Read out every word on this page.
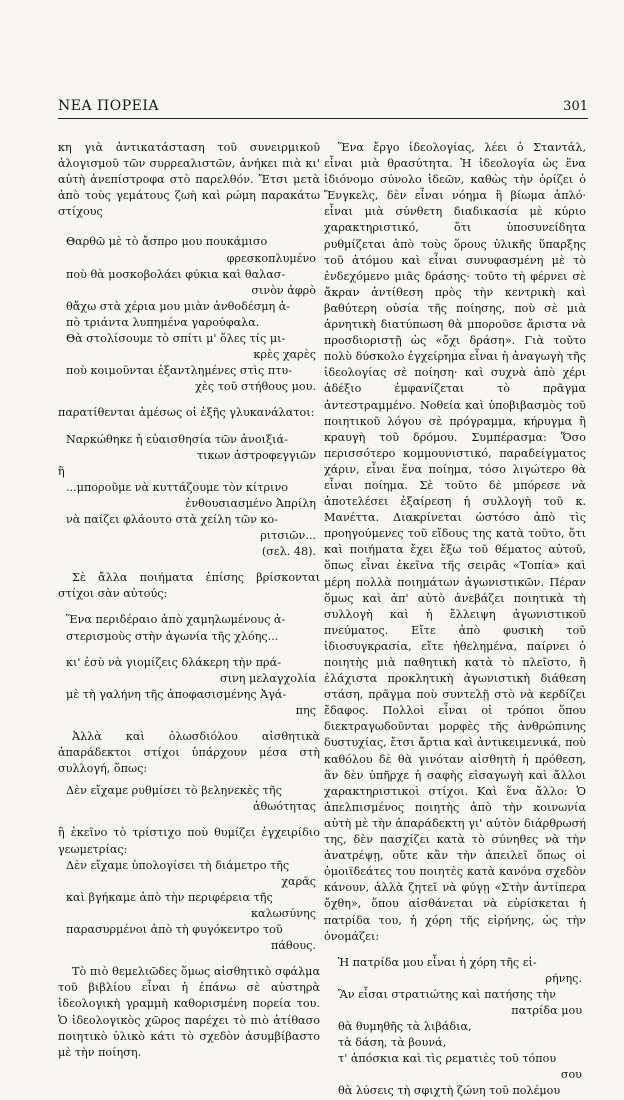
ΝΕΑ ΠΟΡΕΙΑ	301

κη γιὰ ἀντικατάσταση τοῦ συνειρμικοῦ ἀλογισμοῦ τῶν συρρεαλιστῶν, ἀνήκει πιὰ κι' αὐτὴ ἀνεπίστροφα στὸ παρελθόν. Ἔτσι μετὰ ἀπὸ τοὺς γεμάτους ζωὴ καὶ ρώμη παρακάτω στίχους

Θαρθῶ μὲ τὸ ἄσπρο μου πουκάμισο
φρεσκοπλυμένο
ποὺ θὰ μοσκοβολάει φύκια καὶ θαλασ-
σινὸν ἀφρὸ
θἄχω στὰ χέρια μου μιὰν ἀνθοδέσμη ἀ-
πὸ τριάντα λυπημένα γαρούφαλα.
Θὰ στολίσουμε τὸ σπίτι μ' ὅλες τίς μι-
κρὲς χαρὲς
ποὺ κοιμοῦνται ἐξαντλημένες στὶς πτυ-
χὲς τοῦ στήθους μου.

παρατίθενται ἀμέσως οἱ ἑξῆς γλυκανάλατοι:

Ναρκώθηκε ἡ εὐαισθησία τῶν ἀνοιξιά-
τικων ἀστροφεγγιῶν
ἢ
...μποροῦμε νὰ κυττάζουμε τὸν κίτρινο
ἐνθουσιασμένο Ἀπρίλη
νὰ παίζει φλάουτο στὰ χείλη τῶν κο-
ριτσιῶν...
(σελ. 48).

Σὲ ἄλλα ποιήματα ἐπίσης βρίσκονται στίχοι σὰν αὐτούς:

Ἕνα περιδέραιο ἀπὸ χαμηλωμένους ἀ-
στερισμοὺς στὴν ἀγωνία τῆς χλόης...
κι' ἐσὺ νὰ γιομίζεις δλάκερη τὴν πρά-
σινη μελαγχολία
μὲ τὴ γαλήνη τῆς ἀποφασισμένης Ἀγά-
πης

Ἀλλὰ καὶ ὁλωσδιόλου αἰσθητικὰ ἀπαράδεκτοι στίχοι ὑπάρχουν μέσα στὴ συλλογή, ὅπως:

Δὲν εἴχαμε ρυθμίσει τὸ βεληνεκὲς τῆς
ἀθωότητας

ἢ ἐκεῖνο τὸ τρίστιχο ποὺ θυμίζει ἐγχειρίδιο γεωμετρίας:

Δὲν εἴχαμε ὑπολογίσει τὴ διάμετρο τῆς
χαρᾶς
καὶ βγήκαμε ἀπὸ τὴν περιφέρεια τῆς
καλωσύνης
παρασυρμένοι ἀπὸ τὴ φυγόκεντρο τοῦ
πάθους.

Τὸ πιὸ θεμελιῶδες ὅμως αἰσθητικὸ σφάλμα τοῦ βιβλίου εἶναι ἡ ἐπάνω σὲ αὐστηρὰ ἰδεολογικὴ γραμμὴ καθορισμένη πορεία του. Ὁ ἰδεολογικὸς χῶρος παρέχει τὸ πιὸ ἀτίθασο ποιητικὸ ὑλικὸ κάτι τὸ σχεδὸν ἀσυμβίβαστο μὲ τὴν ποίηση.

Ἕνα ἔργο ἰδεολογίας, λέει ὁ Σταντάλ, εἶναι μιὰ θρασύτητα. Ἡ ἰδεολογία ὡς ἕνα ἰδιόνομο σύνολο ἰδεῶν, καθὼς τὴν ὁρίζει ὁ Ἔνγκελς, δὲν εἶναι νόημα ἢ βίωμα ἁπλό· εἶναι μιὰ σύνθετη διαδικασία μὲ κύριο χαρακτηριστικό, ὅτι ὑποσυνείδητα ρυθμίζεται ἀπὸ τοὺς ὅρους ὑλικῆς ὕπαρξης τοῦ ἀτόμου καὶ εἶναι συνυφασμένη μὲ τὸ ἐνδεχόμενο μιᾶς δράσης· τοῦτο τὴ φέρνει σὲ ἄκραν ἀντίθεση πρὸς τὴν κεντρικὴ καὶ βαθύτερη οὐσία τῆς ποίησης, ποὺ σὲ μιὰ ἀρνητικὴ διατύπωση θὰ μποροῦσε ἄριστα νὰ προσδιοριστῇ ὡς «ὄχι δράση». Γιὰ τοῦτο πολὺ δύσκολο ἐγχείρημα εἶναι ἡ ἀναγωγὴ τῆς ἰδεολογίας σὲ ποίηση· καὶ συχνὰ ἀπὸ χέρι ἀδέξιο ἐμφανίζεται τὸ πρᾶγμα ἀντεστραμμένο. Νοθεία καὶ ὑποβιβασμὸς τοῦ ποιητικοῦ λόγου σὲ πρόγραμμα, κήρυγμα ἢ κραυγὴ τοῦ δρόμου. Συμπέρασμα: Ὅσο περισσότερο κομμουνιστικό, παραδείγματος χάριν, εἶναι ἕνα ποίημα, τόσο λιγώτερο θὰ εἶναι ποίημα. Σὲ τοῦτο δὲ μπόρεσε νὰ ἀποτελέσει ἐξαίρεση ἡ συλλογὴ τοῦ κ. Μανέττα. Διακρίνεται ὡστόσο ἀπὸ τὶς προηγούμενες τοῦ εἴδους της κατὰ τοῦτο, ὅτι καὶ ποιήματα ἔχει ἔξω τοῦ θέματος αὐτοῦ, ὅπως εἶναι ἐκεῖνα τῆς σειρᾶς «Τοπία» καὶ μέρη πολλὰ ποιημάτων ἀγωνιστικῶν. Πέραν ὅμως καὶ ἀπ' αὐτὸ ἀνεβάζει ποιητικὰ τὴ συλλογὴ καὶ ἡ ἔλλειψη ἀγωνιστικοῦ πνεύματος. Εἴτε ἀπὸ φυσικὴ τοῦ ἰδιοσυγκρασία, εἴτε ἠθελημένα, παίρνει ὁ ποιητὴς μιὰ παθητικὴ κατὰ τὸ πλεῖστο, ἢ ἐλάχιστα προκλητικὴ ἀγωνιστικὴ διάθεση στάση, πρᾶγμα ποὺ συντελῇ στὸ νὰ κερδίζει ἔδαφος. Πολλοὶ εἶναι οἱ τρόποι ὅπου διεκτραγωδοῦνται μορφὲς τῆς ἀνθρώπινης δυστυχίας, ἔτσι ἄρτια καὶ ἀντικειμενικά, ποὺ καθόλου δὲ θὰ γινόταν αἰσθητὴ ἡ πρόθεση, ἂν δὲν ὑπῆρχε ἡ σαφὴς εἰσαγωγὴ καὶ ἄλλοι χαρακτηριστικοὶ στίχοι. Καὶ ἕνα ἄλλο: Ὁ ἀπελπισμένος ποιητὴς ἀπὸ τὴν κοινωνία αὐτὴ μὲ τὴν ἀπαράδεκτη γι' αὐτὸν διάρθρωσή της, δὲν πασχίζει κατὰ τὸ σύνηθες νὰ τὴν ἀνατρέψῃ, οὔτε κἂν τὴν ἀπειλεῖ ὅπως οἱ ὁμοιϊδεάτες του ποιητὲς κατὰ κανόνα σχεδὸν κάνουν, ἀλλὰ ζητεῖ νὰ φύγῃ «Στὴν ἀντίπερα ὄχθη», ὅπου αἰσθάνεται νὰ εὑρίσκεται ἡ πατρίδα του, ἡ χόρη τῆς εἰρήνης, ὡς τὴν ὀνομάζει:

Ἡ πατρίδα μου εἶναι ἡ χόρη τῆς εἰ-
ρήνης.
Ἂν εἶσαι στρατιώτης καὶ πατήσης τὴν
πατρίδα μου
θὰ θυμηθῆς τὰ λιβάδια,
τὰ δάση, τὰ βουνά,
τ' ἀπόσκια καὶ τὶς ρεματιὲς τοῦ τόπου
σου
θὰ λύσεις τὴ σφιχτὴ ζώνη τοῦ πολέμου
